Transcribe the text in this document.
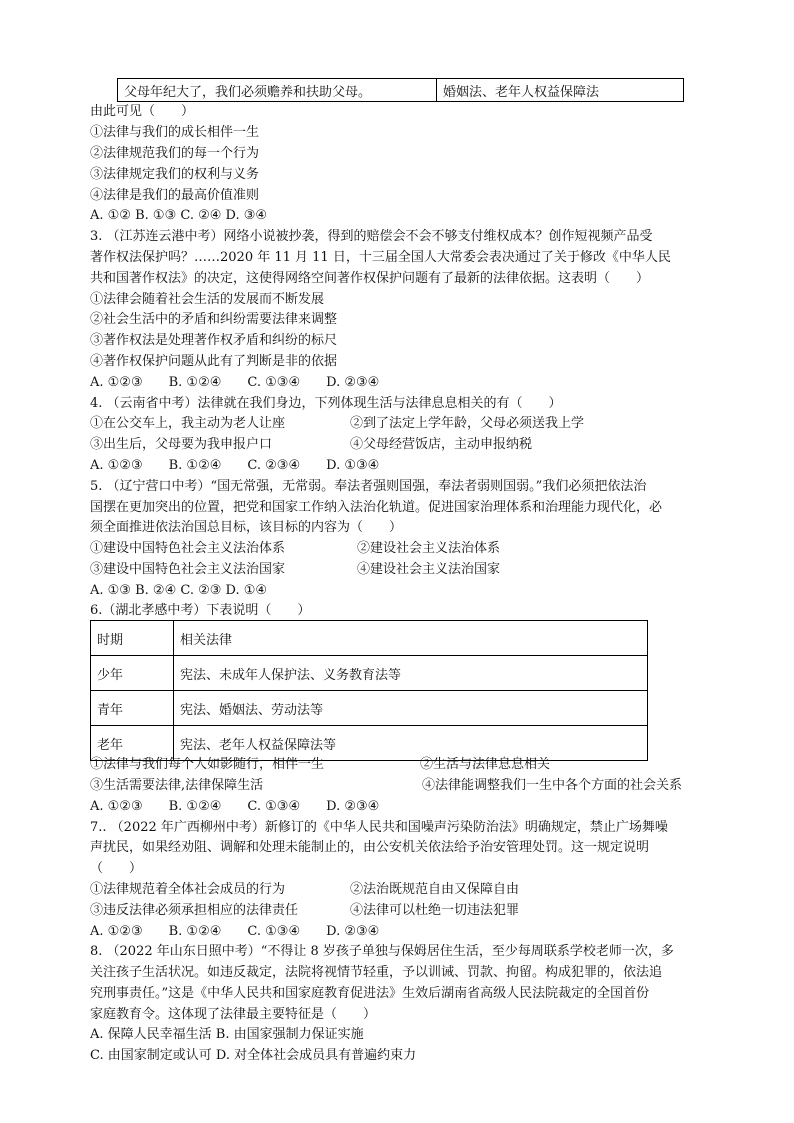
父母年纪大了，我们必须赡养和扶助父母。	婚姻法、老年人权益保障法
由此可见（　　）
①法律与我们的成长相伴一生
②法律规范我们的每一个行为
③法律规定我们的权利与义务
④法律是我们的最高价值准则
A. ①② B. ①③ C. ②④ D. ③④
3. （江苏连云港中考）网络小说被抄袭，得到的赔偿会不会不够支付维权成本？创作短视频产品受
著作权法保护吗？……2020 年 11 月 11 日，十三届全国人大常委会表决通过了关于修改《中华人民
共和国著作权法》的决定，这使得网络空间著作权保护问题有了最新的法律依据。这表明（　　）
①法律会随着社会生活的发展而不断发展
②社会生活中的矛盾和纠纷需要法律来调整
③著作权法是处理著作权矛盾和纠纷的标尺
④著作权保护问题从此有了判断是非的依据
A. ①②③　　B. ①②④　　C. ①③④　　D. ②③④
4. （云南省中考）法律就在我们身边，下列体现生活与法律息息相关的有（　　）
①在公交车上，我主动为老人让座	②到了法定上学年龄，父母必须送我上学
③出生后，父母要为我申报户口	④父母经营饭店，主动申报纳税
A. ①②③　　B. ①②④　　C. ②③④　　D. ①③④
5. （辽宁营口中考）“国无常强，无常弱。奉法者强则国强，奉法者弱则国弱。”我们必须把依法治
国摆在更加突出的位置，把党和国家工作纳入法治化轨道。促进国家治理体系和治理能力现代化，必
须全面推进依法治国总目标，该目标的内容为（　　）
①建设中国特色社会主义法治体系	②建设社会主义法治体系
③建设中国特色社会主义法治国家	④建设社会主义法治国家
A. ①③ B. ②④ C. ②③ D. ①④
6.（湖北孝感中考）下表说明（　　）
时期	相关法律
少年	宪法、未成年人保护法、义务教育法等
青年	宪法、婚姻法、劳动法等
老年	宪法、老年人权益保障法等
①法律与我们每个人如影随行，相伴一生	②生活与法律息息相关
③生活需要法律,法律保障生活	④法律能调整我们一生中各个方面的社会关系
A. ①②③　　B. ①②④　　C. ①③④　　D. ②③④
7.. （2022 年广西柳州中考）新修订的《中华人民共和国噪声污染防治法》明确规定，禁止广场舞噪
声扰民，如果经劝阻、调解和处理未能制止的，由公安机关依法给予治安管理处罚。这一规定说明
（　　）
①法律规范着全体社会成员的行为	②法治既规范自由又保障自由
③违反法律必须承担相应的法律责任	④法律可以杜绝一切违法犯罪
A. ①②③　　B. ①②④　　C. ①③④　　D. ②③④
8. （2022 年山东日照中考）“不得让 8 岁孩子单独与保姆居住生活，至少每周联系学校老师一次，多
关注孩子生活状况。如违反裁定，法院将视情节轻重，予以训诫、罚款、拘留。构成犯罪的，依法追
究刑事责任。”这是《中华人民共和国家庭教育促进法》生效后湖南省高级人民法院裁定的全国首份
家庭教育令。这体现了法律最主要特征是（　　）
A. 保障人民幸福生活 B. 由国家强制力保证实施
C. 由国家制定或认可 D. 对全体社会成员具有普遍约束力
